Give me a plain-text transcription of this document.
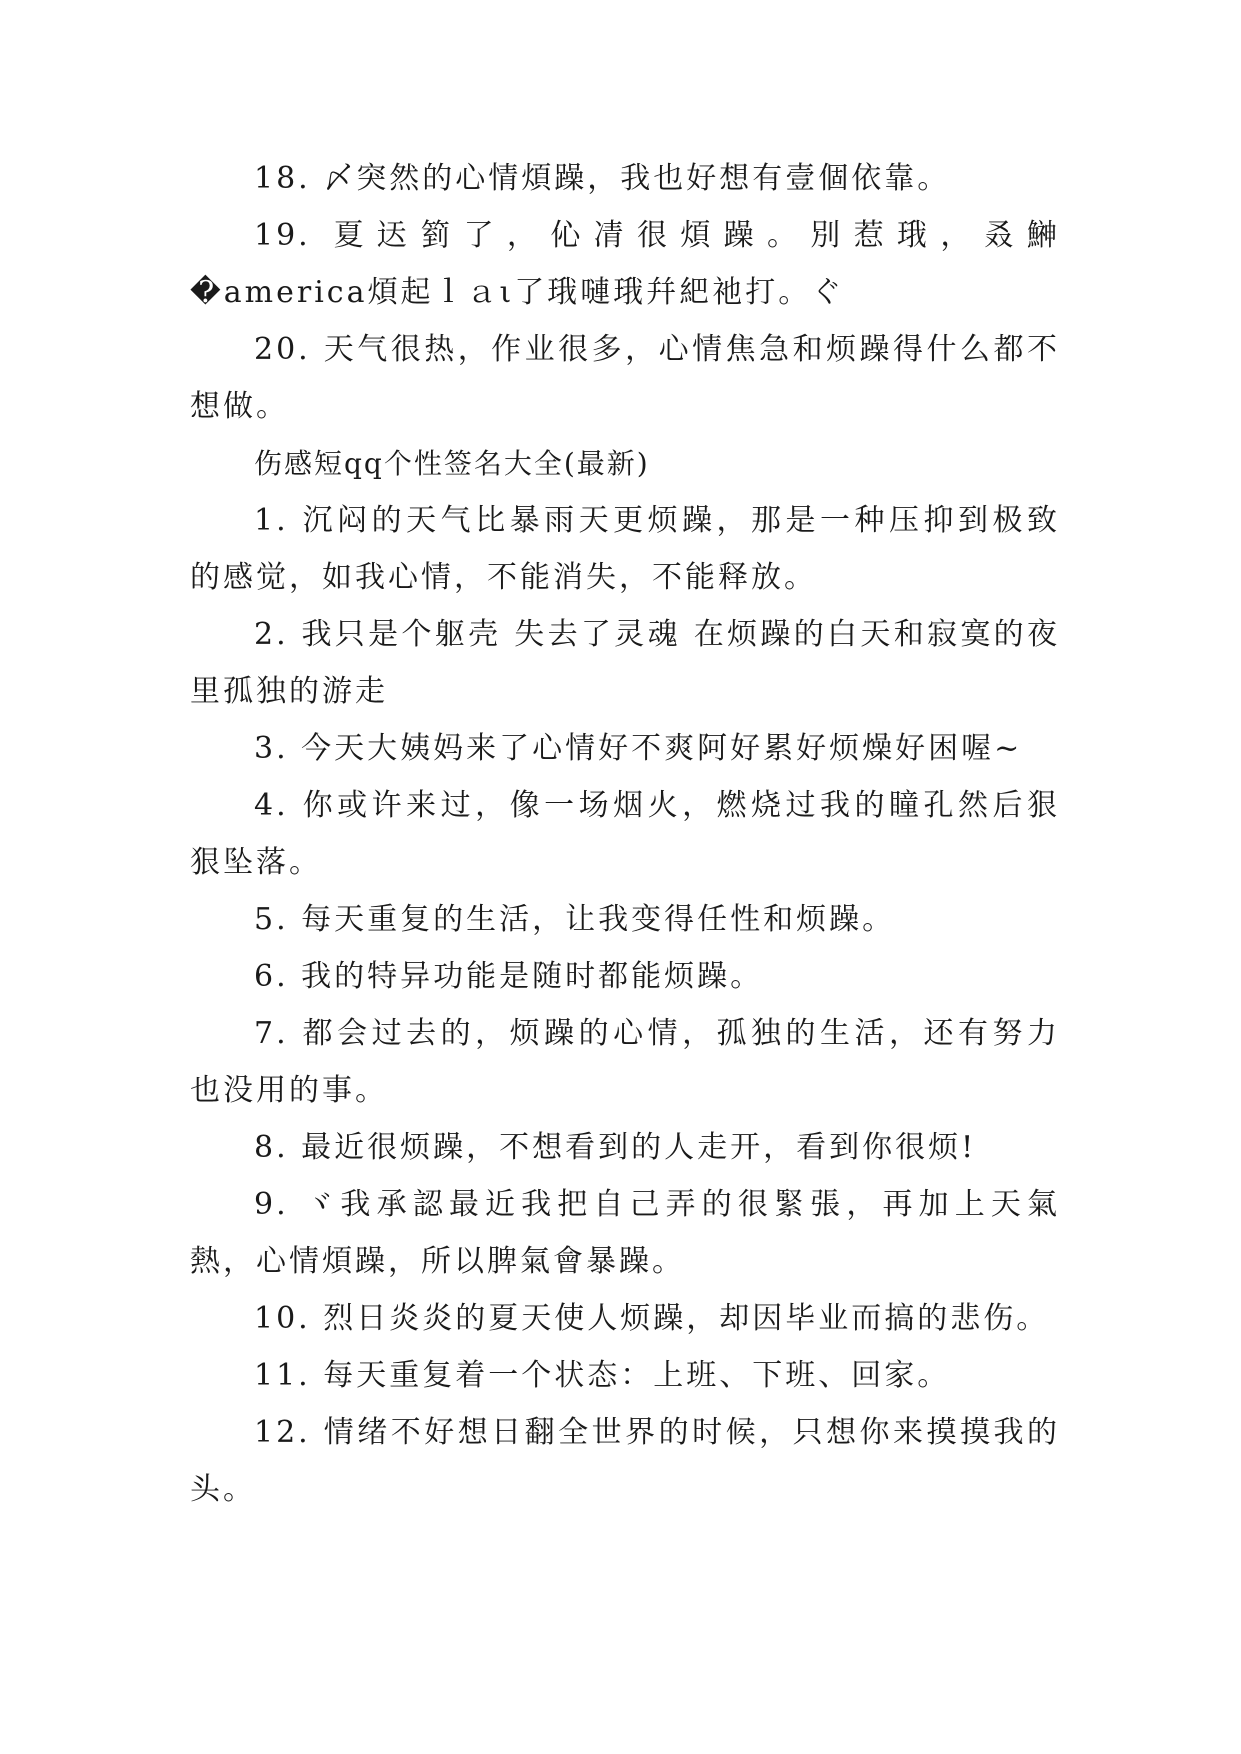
18. 〆突然的心情煩躁，我也好想有壹個依靠。

19. 夏迗箌了，伈凊很煩躁。別惹珴，叒鰰�america煩起ｌａι了珴嗹珴幷紦祂打。ぐ

20. 天气很热，作业很多，心情焦急和烦躁得什么都不想做。

伤感短qq个性签名大全(最新)

1. 沉闷的天气比暴雨天更烦躁，那是一种压抑到极致的感觉，如我心情，不能消失，不能释放。

2. 我只是个躯壳 失去了灵魂 在烦躁的白天和寂寞的夜里孤独的游走

3. 今天大姨妈来了心情好不爽阿好累好烦燥好困喔~

4. 你或许来过，像一场烟火，燃烧过我的瞳孔然后狠狠坠落。

5. 每天重复的生活，让我变得任性和烦躁。

6. 我的特异功能是随时都能烦躁。

7. 都会过去的，烦躁的心情，孤独的生活，还有努力也没用的事。

8. 最近很烦躁，不想看到的人走开，看到你很烦!

9. ヾ我承認最近我把自己弄的很緊張，再加上天氣熱，心情煩躁，所以脾氣會暴躁。

10. 烈日炎炎的夏天使人烦躁，却因毕业而搞的悲伤。

11. 每天重复着一个状态：上班、下班、回家。

12. 情绪不好想日翻全世界的时候，只想你来摸摸我的头。
